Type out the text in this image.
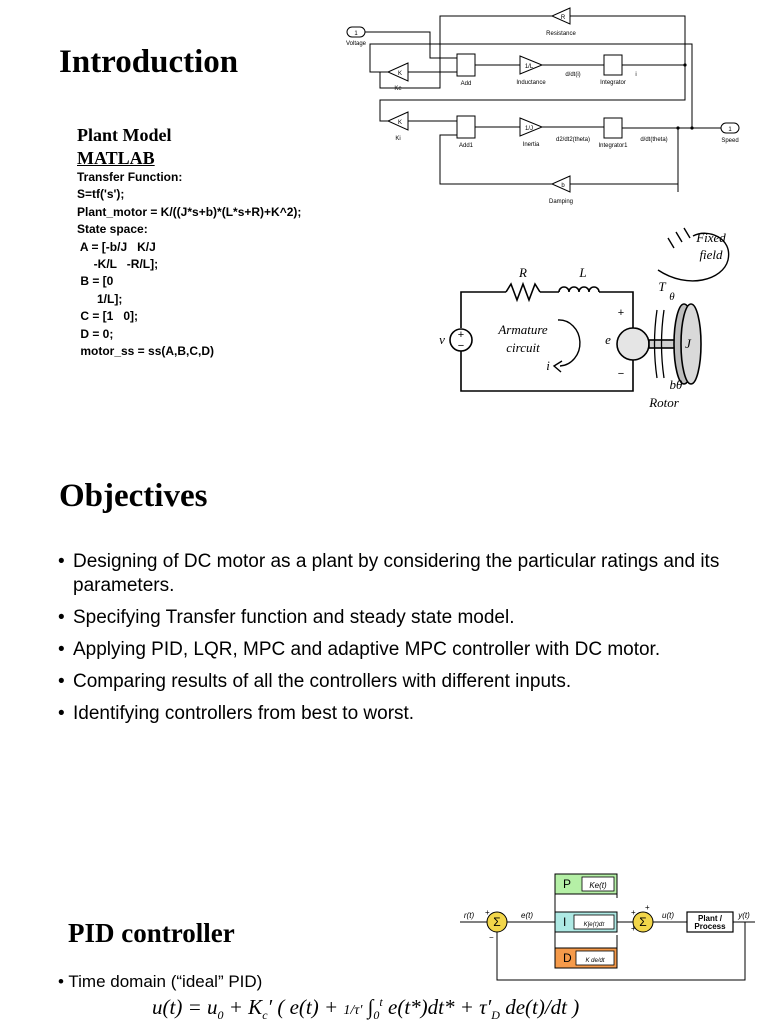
Introduction
Plant Model
MATLAB
Transfer Function:
S=tf('s');
Plant_motor = K/((J*s+b)*(L*s+R)+K^2);
State space:
A = [-b/J   K/J
-K/L   -R/L];
B = [0
1/L];
C = [1   0];
D = 0;
motor_ss = ss(A,B,C,D)
1
Voltage
R
Resistance
K
Ke
Add
1/L
Inductance
d/dt(i)
Integrator
i
K
Ki
Add1
1/J
Inertia
d2/dt2(theta)
Integrator1
d/dt(theta)
1
Speed
b
Damping
R	L
v	e
i
Armature
circuit
Fixed
field
T
θ
J
bθ
Rotor
+
−
+
−
Objectives
• Designing of DC motor as a plant by considering the particular ratings and its parameters.
• Specifying Transfer function and steady state model.
• Applying PID, LQR, MPC and adaptive MPC controller with DC motor.
• Comparing results of all the controllers with different inputs.
• Identifying controllers from best to worst.
PID controller
• Time domain (“ideal” PID)
$u(t) = u_0 + K_c'$ ( e(t) + 1/τ′ $\int_0^t$ $e(t*)dt* + \tau'_D$ de(t)/dt )
r(t)	e(t)	u(t)	y(t)
Ke(t)
K∫e(τ)dτ
K de/dt
+
−
+
+
+
Σ	Σ
P
I
D
Plant /
Process
